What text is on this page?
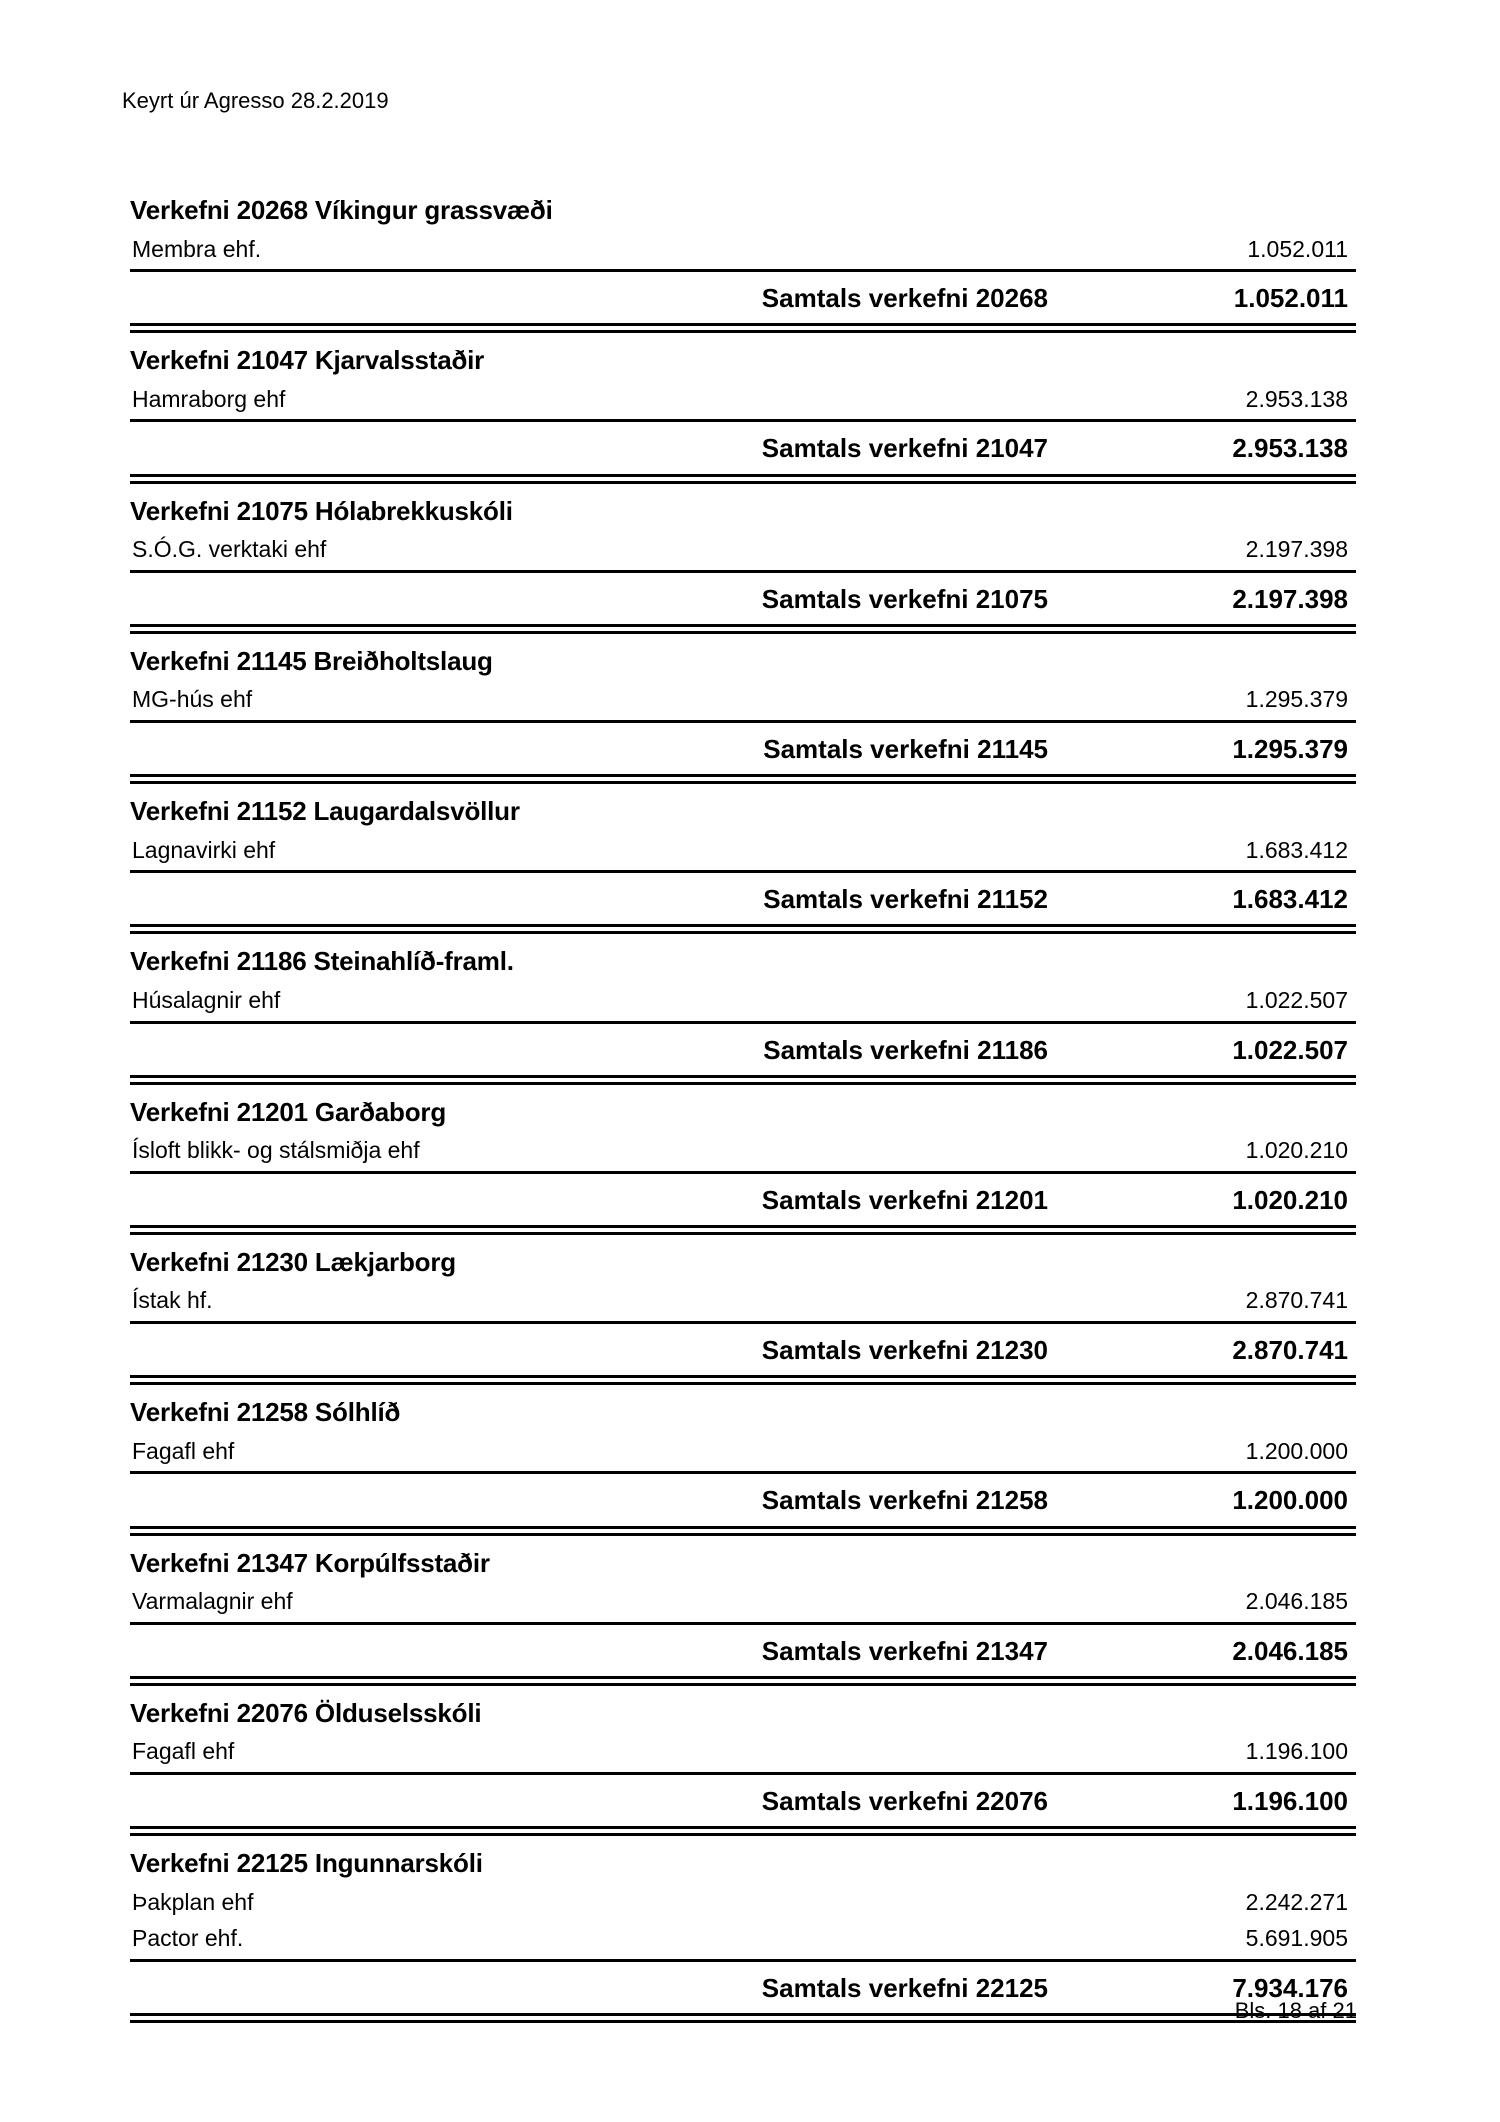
Keyrt úr Agresso 28.2.2019
Verkefni 20268 Víkingur grassvæði
Membra ehf.	1.052.011
Samtals verkefni 20268	1.052.011
Verkefni 21047 Kjarvalsstaðir
Hamraborg ehf	2.953.138
Samtals verkefni 21047	2.953.138
Verkefni 21075 Hólabrekkuskóli
S.Ó.G. verktaki ehf	2.197.398
Samtals verkefni 21075	2.197.398
Verkefni 21145 Breiðholtslaug
MG-hús ehf	1.295.379
Samtals verkefni 21145	1.295.379
Verkefni 21152 Laugardalsvöllur
Lagnavirki ehf	1.683.412
Samtals verkefni 21152	1.683.412
Verkefni 21186 Steinahlíð-framl.
Húsalagnir ehf	1.022.507
Samtals verkefni 21186	1.022.507
Verkefni 21201 Garðaborg
Ísloft blikk- og stálsmiðja ehf	1.020.210
Samtals verkefni 21201	1.020.210
Verkefni 21230 Lækjarborg
Ístak hf.	2.870.741
Samtals verkefni 21230	2.870.741
Verkefni 21258 Sólhlíð
Fagafl ehf	1.200.000
Samtals verkefni 21258	1.200.000
Verkefni 21347 Korpúlfsstaðir
Varmalagnir ehf	2.046.185
Samtals verkefni 21347	2.046.185
Verkefni 22076 Ölduselsskóli
Fagafl ehf	1.196.100
Samtals verkefni 22076	1.196.100
Verkefni 22125 Ingunnarskóli
Þakplan ehf	2.242.271
Pactor ehf.	5.691.905
Samtals verkefni 22125	7.934.176
Bls. 18 af 21
